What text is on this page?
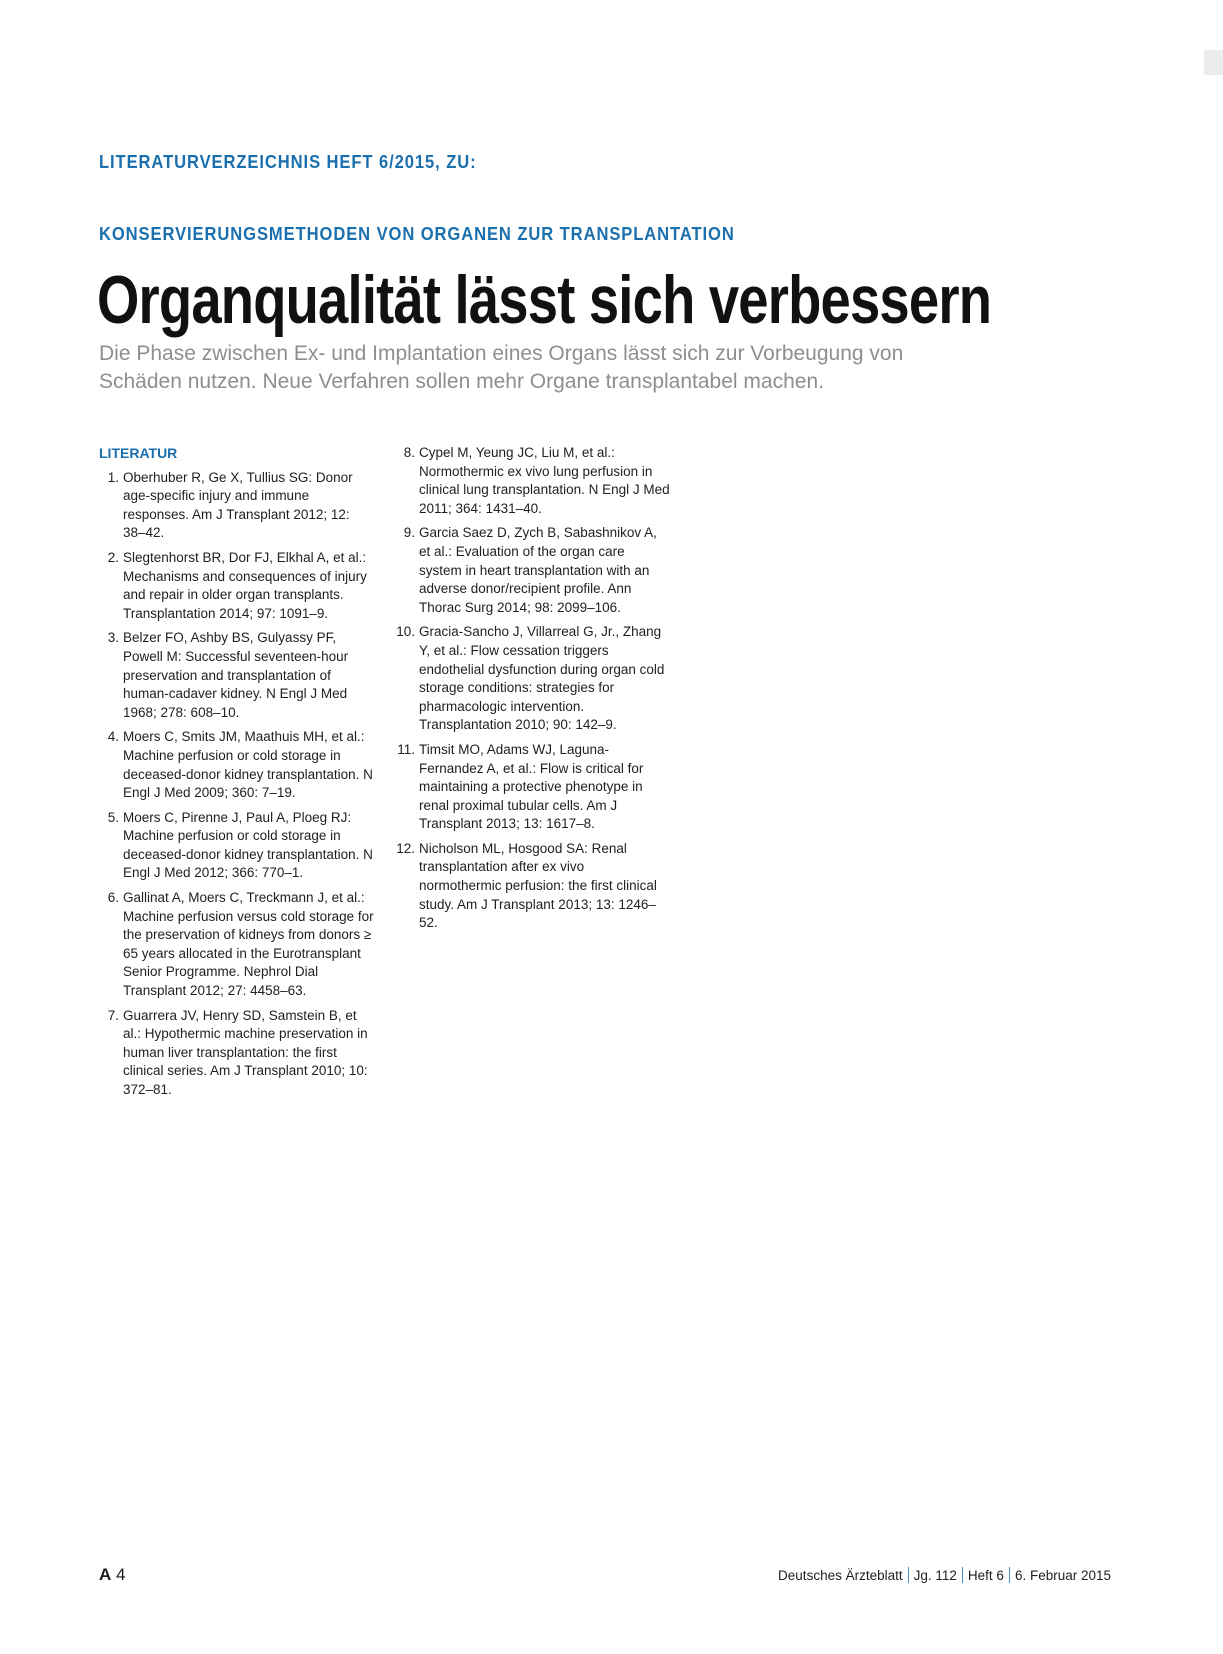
LITERATURVERZEICHNIS HEFT 6/2015, ZU:
KONSERVIERUNGSMETHODEN VON ORGANEN ZUR TRANSPLANTATION
Organqualität lässt sich verbessern

Die Phase zwischen Ex- und Implantation eines Organs lässt sich zur Vorbeugung von Schäden nutzen. Neue Verfahren sollen mehr Organe transplantabel machen.

LITERATUR
1. Oberhuber R, Ge X, Tullius SG: Donor age-specific injury and immune responses. Am J Transplant 2012; 12: 38–42.
2. Slegtenhorst BR, Dor FJ, Elkhal A, et al.: Mechanisms and consequences of injury and repair in older organ transplants. Transplantation 2014; 97: 1091–9.
3. Belzer FO, Ashby BS, Gulyassy PF, Powell M: Successful seventeen-hour preservation and transplantation of human-cadaver kidney. N Engl J Med 1968; 278: 608–10.
4. Moers C, Smits JM, Maathuis MH, et al.: Machine perfusion or cold storage in deceased-donor kidney transplantation. N Engl J Med 2009; 360: 7–19.
5. Moers C, Pirenne J, Paul A, Ploeg RJ: Machine perfusion or cold storage in deceased-donor kidney transplantation. N Engl J Med 2012; 366: 770–1.
6. Gallinat A, Moers C, Treckmann J, et al.: Machine perfusion versus cold storage for the preservation of kidneys from donors ≥ 65 years allocated in the Eurotransplant Senior Programme. Nephrol Dial Transplant 2012; 27: 4458–63.
7. Guarrera JV, Henry SD, Samstein B, et al.: Hypothermic machine preservation in human liver transplantation: the first clinical series. Am J Transplant 2010; 10: 372–81.
8. Cypel M, Yeung JC, Liu M, et al.: Normothermic ex vivo lung perfusion in clinical lung transplantation. N Engl J Med 2011; 364: 1431–40.
9. Garcia Saez D, Zych B, Sabashnikov A, et al.: Evaluation of the organ care system in heart transplantation with an adverse donor/recipient profile. Ann Thorac Surg 2014; 98: 2099–106.
10. Gracia-Sancho J, Villarreal G, Jr., Zhang Y, et al.: Flow cessation triggers endothelial dysfunction during organ cold storage conditions: strategies for pharmacologic intervention. Transplantation 2010; 90: 142–9.
11. Timsit MO, Adams WJ, Laguna-Fernandez A, et al.: Flow is critical for maintaining a protective phenotype in renal proximal tubular cells. Am J Transplant 2013; 13: 1617–8.
12. Nicholson ML, Hosgood SA: Renal transplantation after ex vivo normothermic perfusion: the first clinical study. Am J Transplant 2013; 13: 1246–52.
A 4	Deutsches Ärzteblatt Jg. 112 Heft 6 6. Februar 2015
